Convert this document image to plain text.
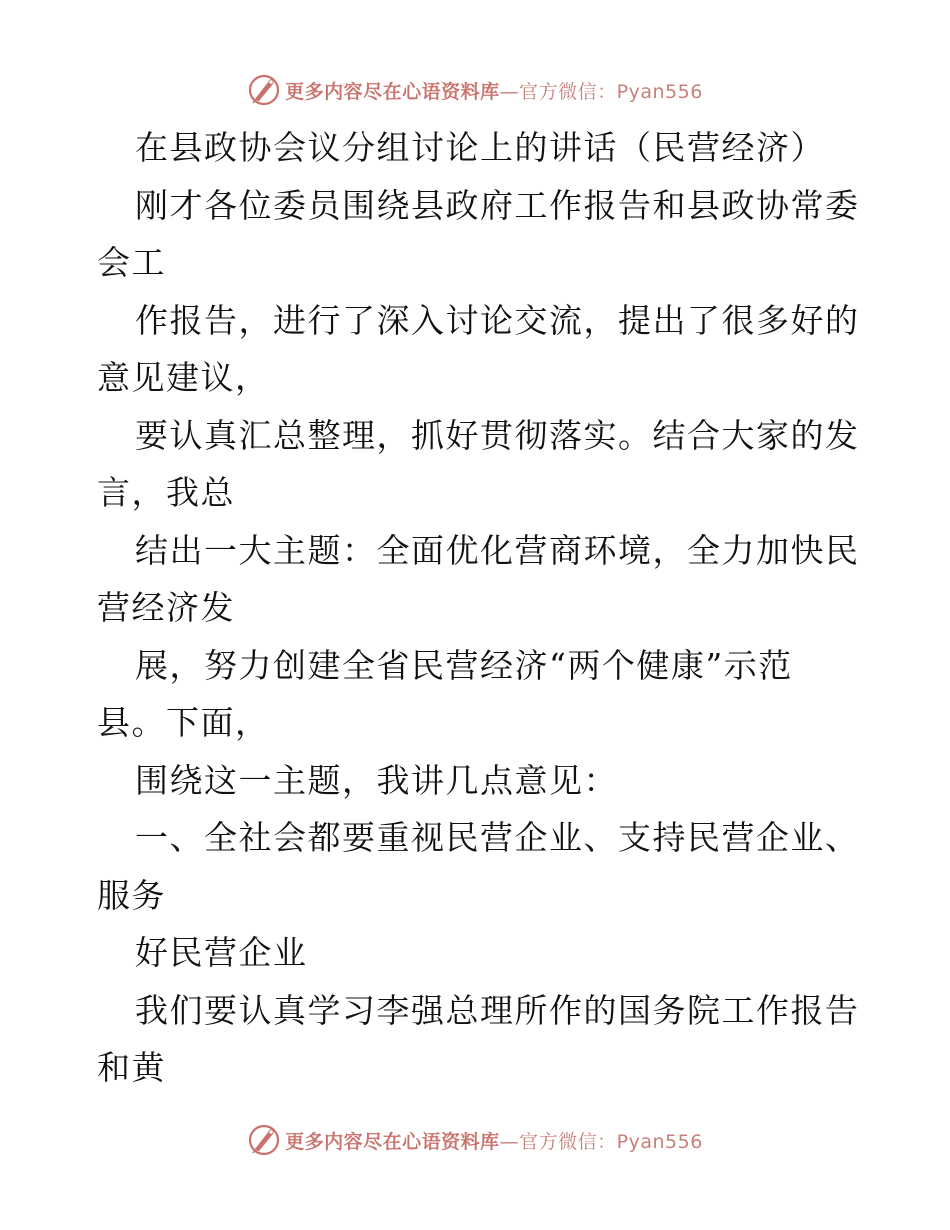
更多内容尽在心语资料库—官方微信：Pyan556
在县政协会议分组讨论上的讲话（民营经济）
刚才各位委员围绕县政府工作报告和县政协常委
会工
作报告，进行了深入讨论交流，提出了很多好的
意见建议，
要认真汇总整理，抓好贯彻落实。结合大家的发
言，我总
结出一大主题：全面优化营商环境，全力加快民
营经济发
展，努力创建全省民营经济“两个健康”示范
县。下面，
围绕这一主题，我讲几点意见：
一、全社会都要重视民营企业、支持民营企业、
服务
好民营企业
我们要认真学习李强总理所作的国务院工作报告
和黄
更多内容尽在心语资料库—官方微信：Pyan556
